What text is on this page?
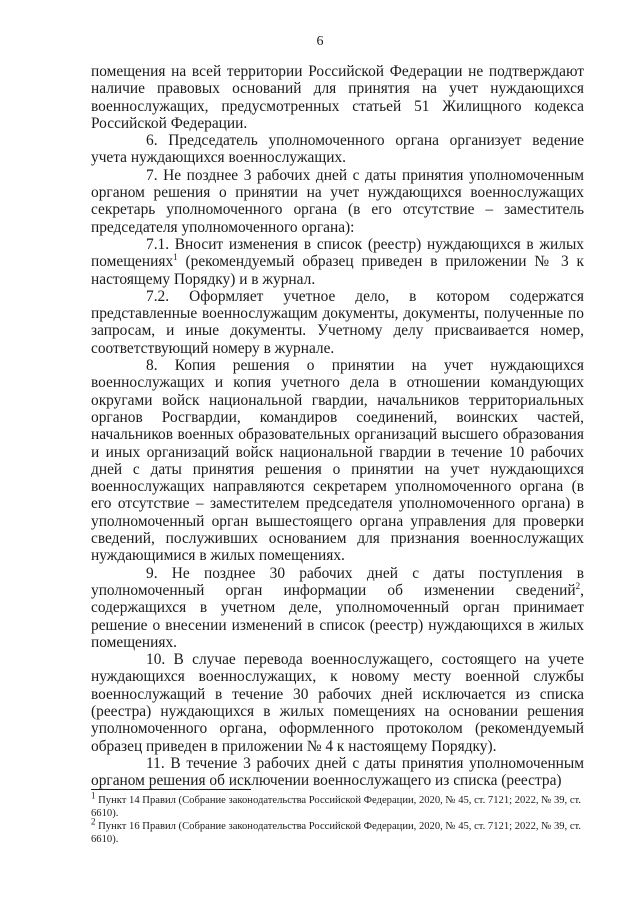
6

помещения на всей территории Российской Федерации не подтверждают наличие правовых оснований для принятия на учет нуждающихся военнослужащих, предусмотренных статьей 51 Жилищного кодекса Российской Федерации.

6. Председатель уполномоченного органа организует ведение учета нуждающихся военнослужащих.

7. Не позднее 3 рабочих дней с даты принятия уполномоченным органом решения о принятии на учет нуждающихся военнослужащих секретарь уполномоченного органа (в его отсутствие – заместитель председателя уполномоченного органа):

7.1. Вносит изменения в список (реестр) нуждающихся в жилых помещениях$^1$ (рекомендуемый образец приведен в приложении № 3 к настоящему Порядку) и в журнал.

7.2. Оформляет учетное дело, в котором содержатся представленные военнослужащим документы, документы, полученные по запросам, и иные документы. Учетному делу присваивается номер, соответствующий номеру в журнале.

8. Копия решения о принятии на учет нуждающихся военнослужащих и копия учетного дела в отношении командующих округами войск национальной гвардии, начальников территориальных органов Росгвардии, командиров соединений, воинских частей, начальников военных образовательных организаций высшего образования и иных организаций войск национальной гвардии в течение 10 рабочих дней с даты принятия решения о принятии на учет нуждающихся военнослужащих направляются секретарем уполномоченного органа (в его отсутствие – заместителем председателя уполномоченного органа) в уполномоченный орган вышестоящего органа управления для проверки сведений, послуживших основанием для признания военнослужащих нуждающимися в жилых помещениях.

9. Не позднее 30 рабочих дней с даты поступления в уполномоченный орган информации об изменении сведений$^2$, содержащихся в учетном деле, уполномоченный орган принимает решение о внесении изменений в список (реестр) нуждающихся в жилых помещениях.

10. В случае перевода военнослужащего, состоящего на учете нуждающихся военнослужащих, к новому месту военной службы военнослужащий в течение 30 рабочих дней исключается из списка (реестра) нуждающихся в жилых помещениях на основании решения уполномоченного органа, оформленного протоколом (рекомендуемый образец приведен в приложении № 4 к настоящему Порядку).

11. В течение 3 рабочих дней с даты принятия уполномоченным органом решения об исключении военнослужащего из списка (реестра)

$^1$ Пункт 14 Правил (Собрание законодательства Российской Федерации, 2020, № 45, ст. 7121; 2022, № 39, ст. 6610).

$^2$ Пункт 16 Правил (Собрание законодательства Российской Федерации, 2020, № 45, ст. 7121; 2022, № 39, ст. 6610).
